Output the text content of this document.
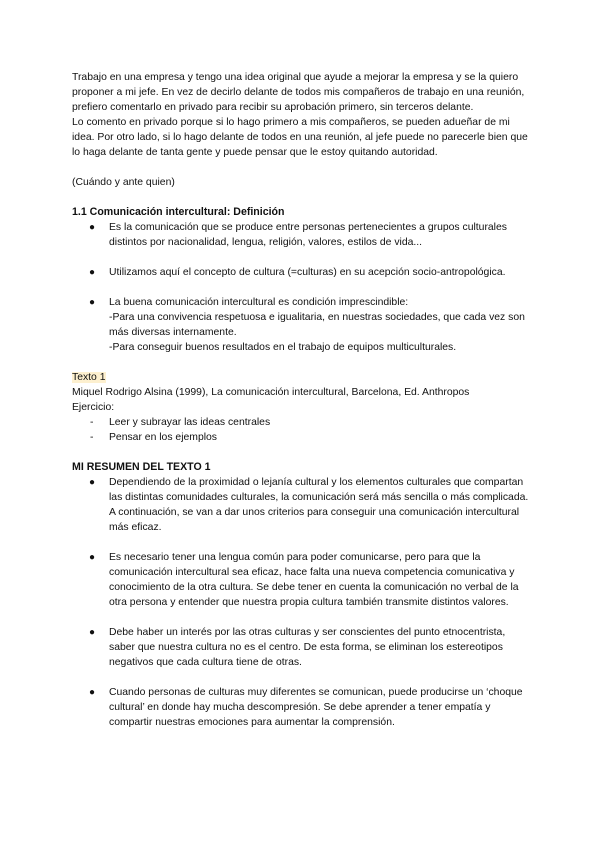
Trabajo en una empresa y tengo una idea original que ayude a mejorar la empresa y se la quiero proponer a mi jefe. En vez de decirlo delante de todos mis compañeros de trabajo en una reunión, prefiero comentarlo en privado para recibir su aprobación primero, sin terceros delante.

Lo comento en privado porque si lo hago primero a mis compañeros, se pueden adueñar de mi idea. Por otro lado, si lo hago delante de todos en una reunión, al jefe puede no parecerle bien que lo haga delante de tanta gente y puede pensar que le estoy quitando autoridad.

(Cuándo y ante quien)

1.1 Comunicación intercultural: Definición
● Es la comunicación que se produce entre personas pertenecientes a grupos culturales distintos por nacionalidad, lengua, religión, valores, estilos de vida...
● Utilizamos aquí el concepto de cultura (=culturas) en su acepción socio-antropológica.
● La buena comunicación intercultural es condición imprescindible:
-Para una convivencia respetuosa e igualitaria, en nuestras sociedades, que cada vez son más diversas internamente.
-Para conseguir buenos resultados en el trabajo de equipos multiculturales.

Texto 1

Miquel Rodrigo Alsina (1999), La comunicación intercultural, Barcelona, Ed. Anthropos

Ejercicio:

- Leer y subrayar las ideas centrales
- Pensar en los ejemplos
MI RESUMEN DEL TEXTO 1
● Dependiendo de la proximidad o lejanía cultural y los elementos culturales que compartan las distintas comunidades culturales, la comunicación será más sencilla o más complicada. A continuación, se van a dar unos criterios para conseguir una comunicación intercultural más eficaz.
● Es necesario tener una lengua común para poder comunicarse, pero para que la comunicación intercultural sea eficaz, hace falta una nueva competencia comunicativa y conocimiento de la otra cultura. Se debe tener en cuenta la comunicación no verbal de la otra persona y entender que nuestra propia cultura también transmite distintos valores.
● Debe haber un interés por las otras culturas y ser conscientes del punto etnocentrista, saber que nuestra cultura no es el centro. De esta forma, se eliminan los estereotipos negativos que cada cultura tiene de otras.
● Cuando personas de culturas muy diferentes se comunican, puede producirse un ‘choque cultural’ en donde hay mucha descompresión. Se debe aprender a tener empatía y compartir nuestras emociones para aumentar la comprensión.
